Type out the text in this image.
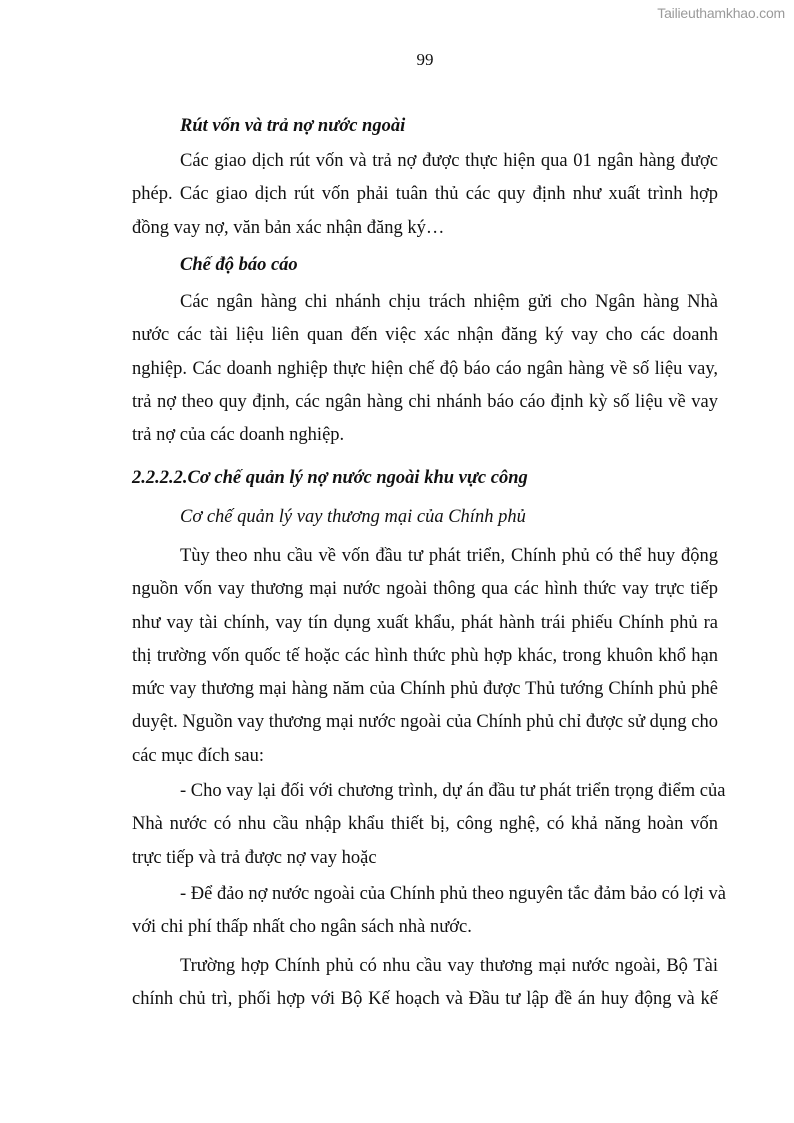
Tailieuthamkhao.com
99
Rút vốn và trả nợ nước ngoài
Các giao dịch rút vốn và trả nợ được thực hiện qua 01 ngân hàng được
phép. Các giao dịch rút vốn phải tuân thủ các quy định như xuất trình hợp
đồng vay nợ, văn bản xác nhận đăng ký…
Chế độ báo cáo
Các ngân hàng chi nhánh chịu trách nhiệm gửi cho Ngân hàng Nhà
nước các tài liệu liên quan đến việc xác nhận đăng ký vay cho các doanh
nghiệp. Các doanh nghiệp thực hiện chế độ báo cáo ngân hàng về số liệu vay,
trả nợ theo quy định, các ngân hàng chi nhánh báo cáo định kỳ số liệu về vay
trả nợ của các doanh nghiệp.
2.2.2.2.Cơ chế quản lý nợ nước ngoài khu vực công
Cơ chế quản lý vay thương mại của Chính phủ
Tùy theo nhu cầu về vốn đầu tư phát triển, Chính phủ có thể huy động
nguồn vốn vay thương mại nước ngoài thông qua các hình thức vay trực tiếp
như vay tài chính, vay tín dụng xuất khẩu, phát hành trái phiếu Chính phủ ra
thị trường vốn quốc tế hoặc các hình thức phù hợp khác, trong khuôn khổ hạn
mức vay thương mại hàng năm của Chính phủ được Thủ tướng Chính phủ phê
duyệt. Nguồn vay thương mại nước ngoài của Chính phủ chỉ được sử dụng cho
các mục đích sau:
- Cho vay lại đối với chương trình, dự án đầu tư phát triển trọng điểm của
Nhà nước có nhu cầu nhập khẩu thiết bị, công nghệ, có khả năng hoàn vốn
trực tiếp và trả được nợ vay hoặc
- Để đảo nợ nước ngoài của Chính phủ theo nguyên tắc đảm bảo có lợi và
với chi phí thấp nhất cho ngân sách nhà nước.
Trường hợp Chính phủ có nhu cầu vay thương mại nước ngoài, Bộ Tài
chính chủ trì, phối hợp với Bộ Kế hoạch và Đầu tư lập đề án huy động và kế
